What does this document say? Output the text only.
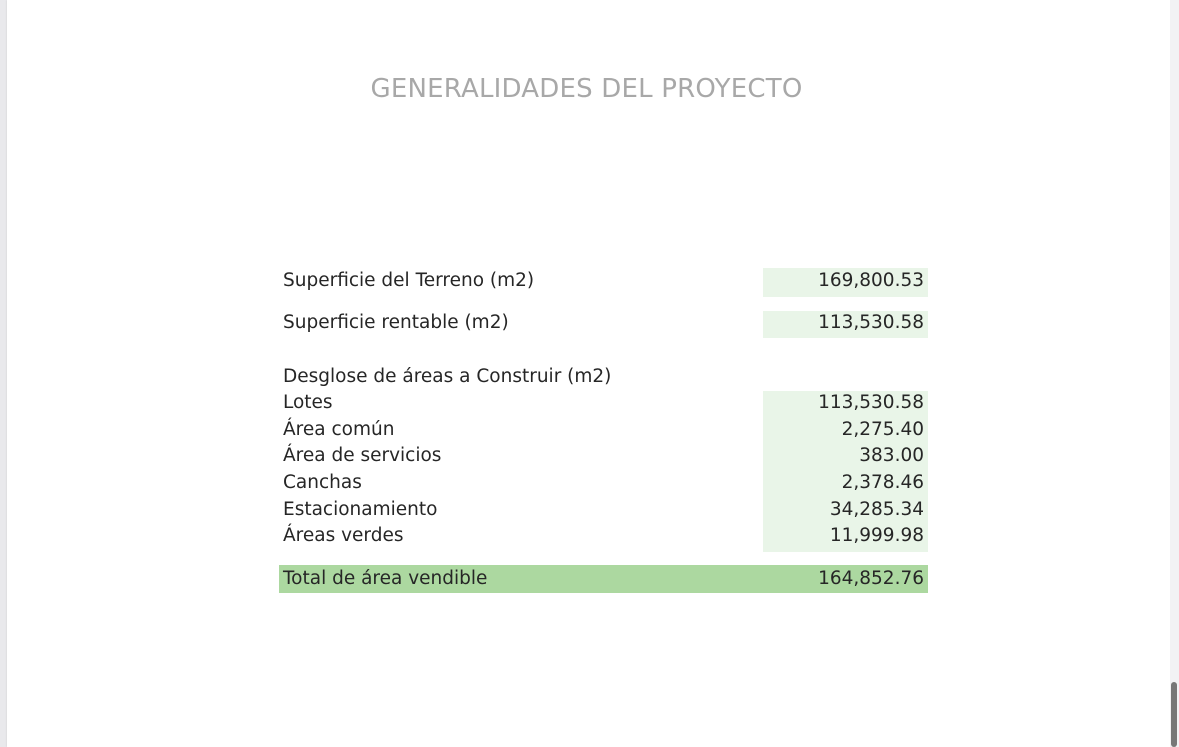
GENERALIDADES DEL PROYECTO
Superficie del Terreno (m2)	169,800.53
Superficie rentable (m2)	113,530.58
Desglose de áreas a Construir (m2)
Lotes	113,530.58
Área común	2,275.40
Área de servicios	383.00
Canchas	2,378.46
Estacionamiento	34,285.34
Áreas verdes	11,999.98
Total de área vendible	164,852.76
